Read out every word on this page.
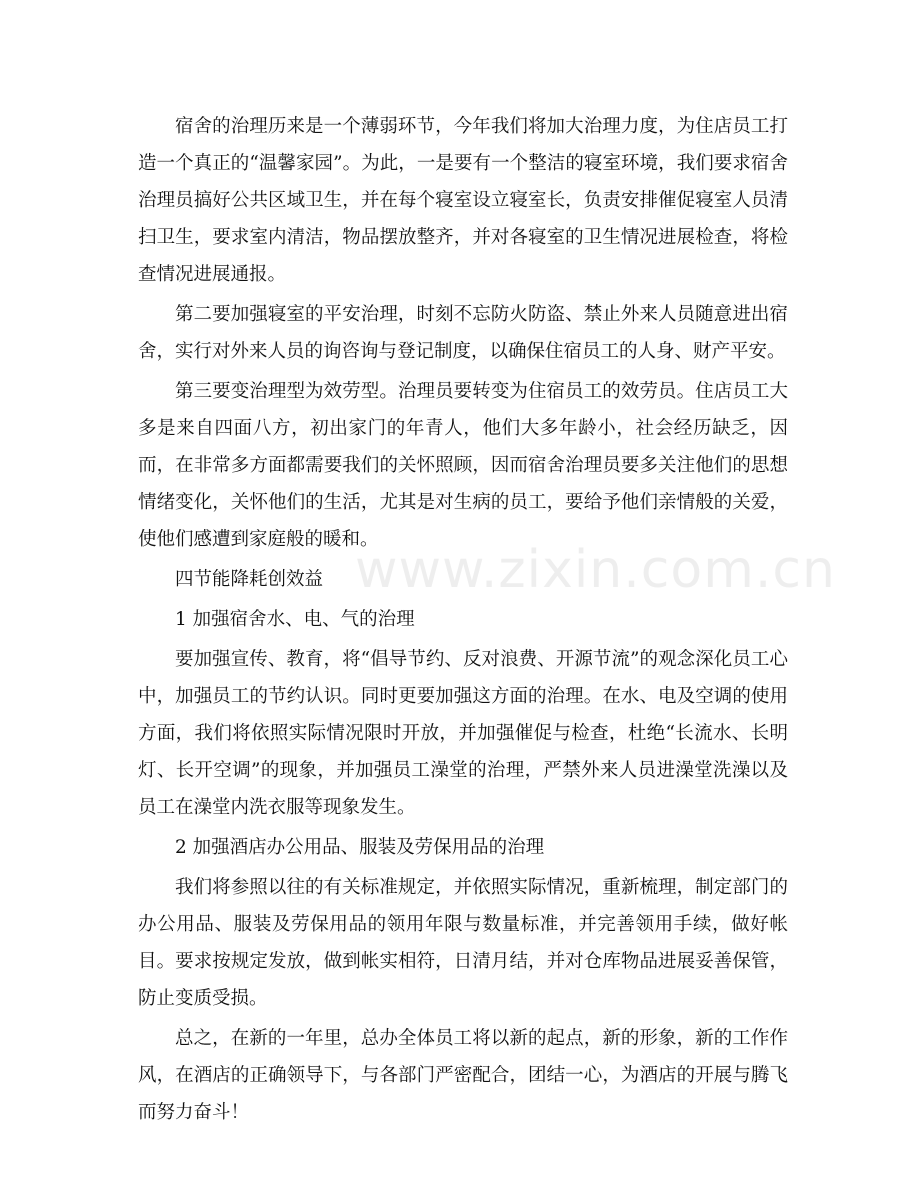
www.zixin.com.cn

宿舍的治理历来是一个薄弱环节，今年我们将加大治理力度，为住店员工打造一个真正的“温馨家园”。为此，一是要有一个整洁的寝室环境，我们要求宿舍治理员搞好公共区域卫生，并在每个寝室设立寝室长，负责安排催促寝室人员清扫卫生，要求室内清洁，物品摆放整齐，并对各寝室的卫生情况进展检查，将检查情况进展通报。

第二要加强寝室的平安治理，时刻不忘防火防盗、禁止外来人员随意进出宿舍，实行对外来人员的询咨询与登记制度，以确保住宿员工的人身、财产平安。

第三要变治理型为效劳型。治理员要转变为住宿员工的效劳员。住店员工大多是来自四面八方，初出家门的年青人，他们大多年龄小，社会经历缺乏，因而，在非常多方面都需要我们的关怀照顾，因而宿舍治理员要多关注他们的思想情绪变化，关怀他们的生活，尤其是对生病的员工，要给予他们亲情般的关爱，使他们感遭到家庭般的暖和。

四节能降耗创效益

1 加强宿舍水、电、气的治理

要加强宣传、教育，将“倡导节约、反对浪费、开源节流”的观念深化员工心中，加强员工的节约认识。同时更要加强这方面的治理。在水、电及空调的使用方面，我们将依照实际情况限时开放，并加强催促与检查，杜绝“长流水、长明灯、长开空调”的现象，并加强员工澡堂的治理，严禁外来人员进澡堂洗澡以及员工在澡堂内洗衣服等现象发生。

2 加强酒店办公用品、服装及劳保用品的治理

我们将参照以往的有关标准规定，并依照实际情况，重新梳理，制定部门的办公用品、服装及劳保用品的领用年限与数量标准，并完善领用手续，做好帐目。要求按规定发放，做到帐实相符，日清月结，并对仓库物品进展妥善保管，防止变质受损。

总之，在新的一年里，总办全体员工将以新的起点，新的形象，新的工作作风，在酒店的正确领导下，与各部门严密配合，团结一心，为酒店的开展与腾飞而努力奋斗！
